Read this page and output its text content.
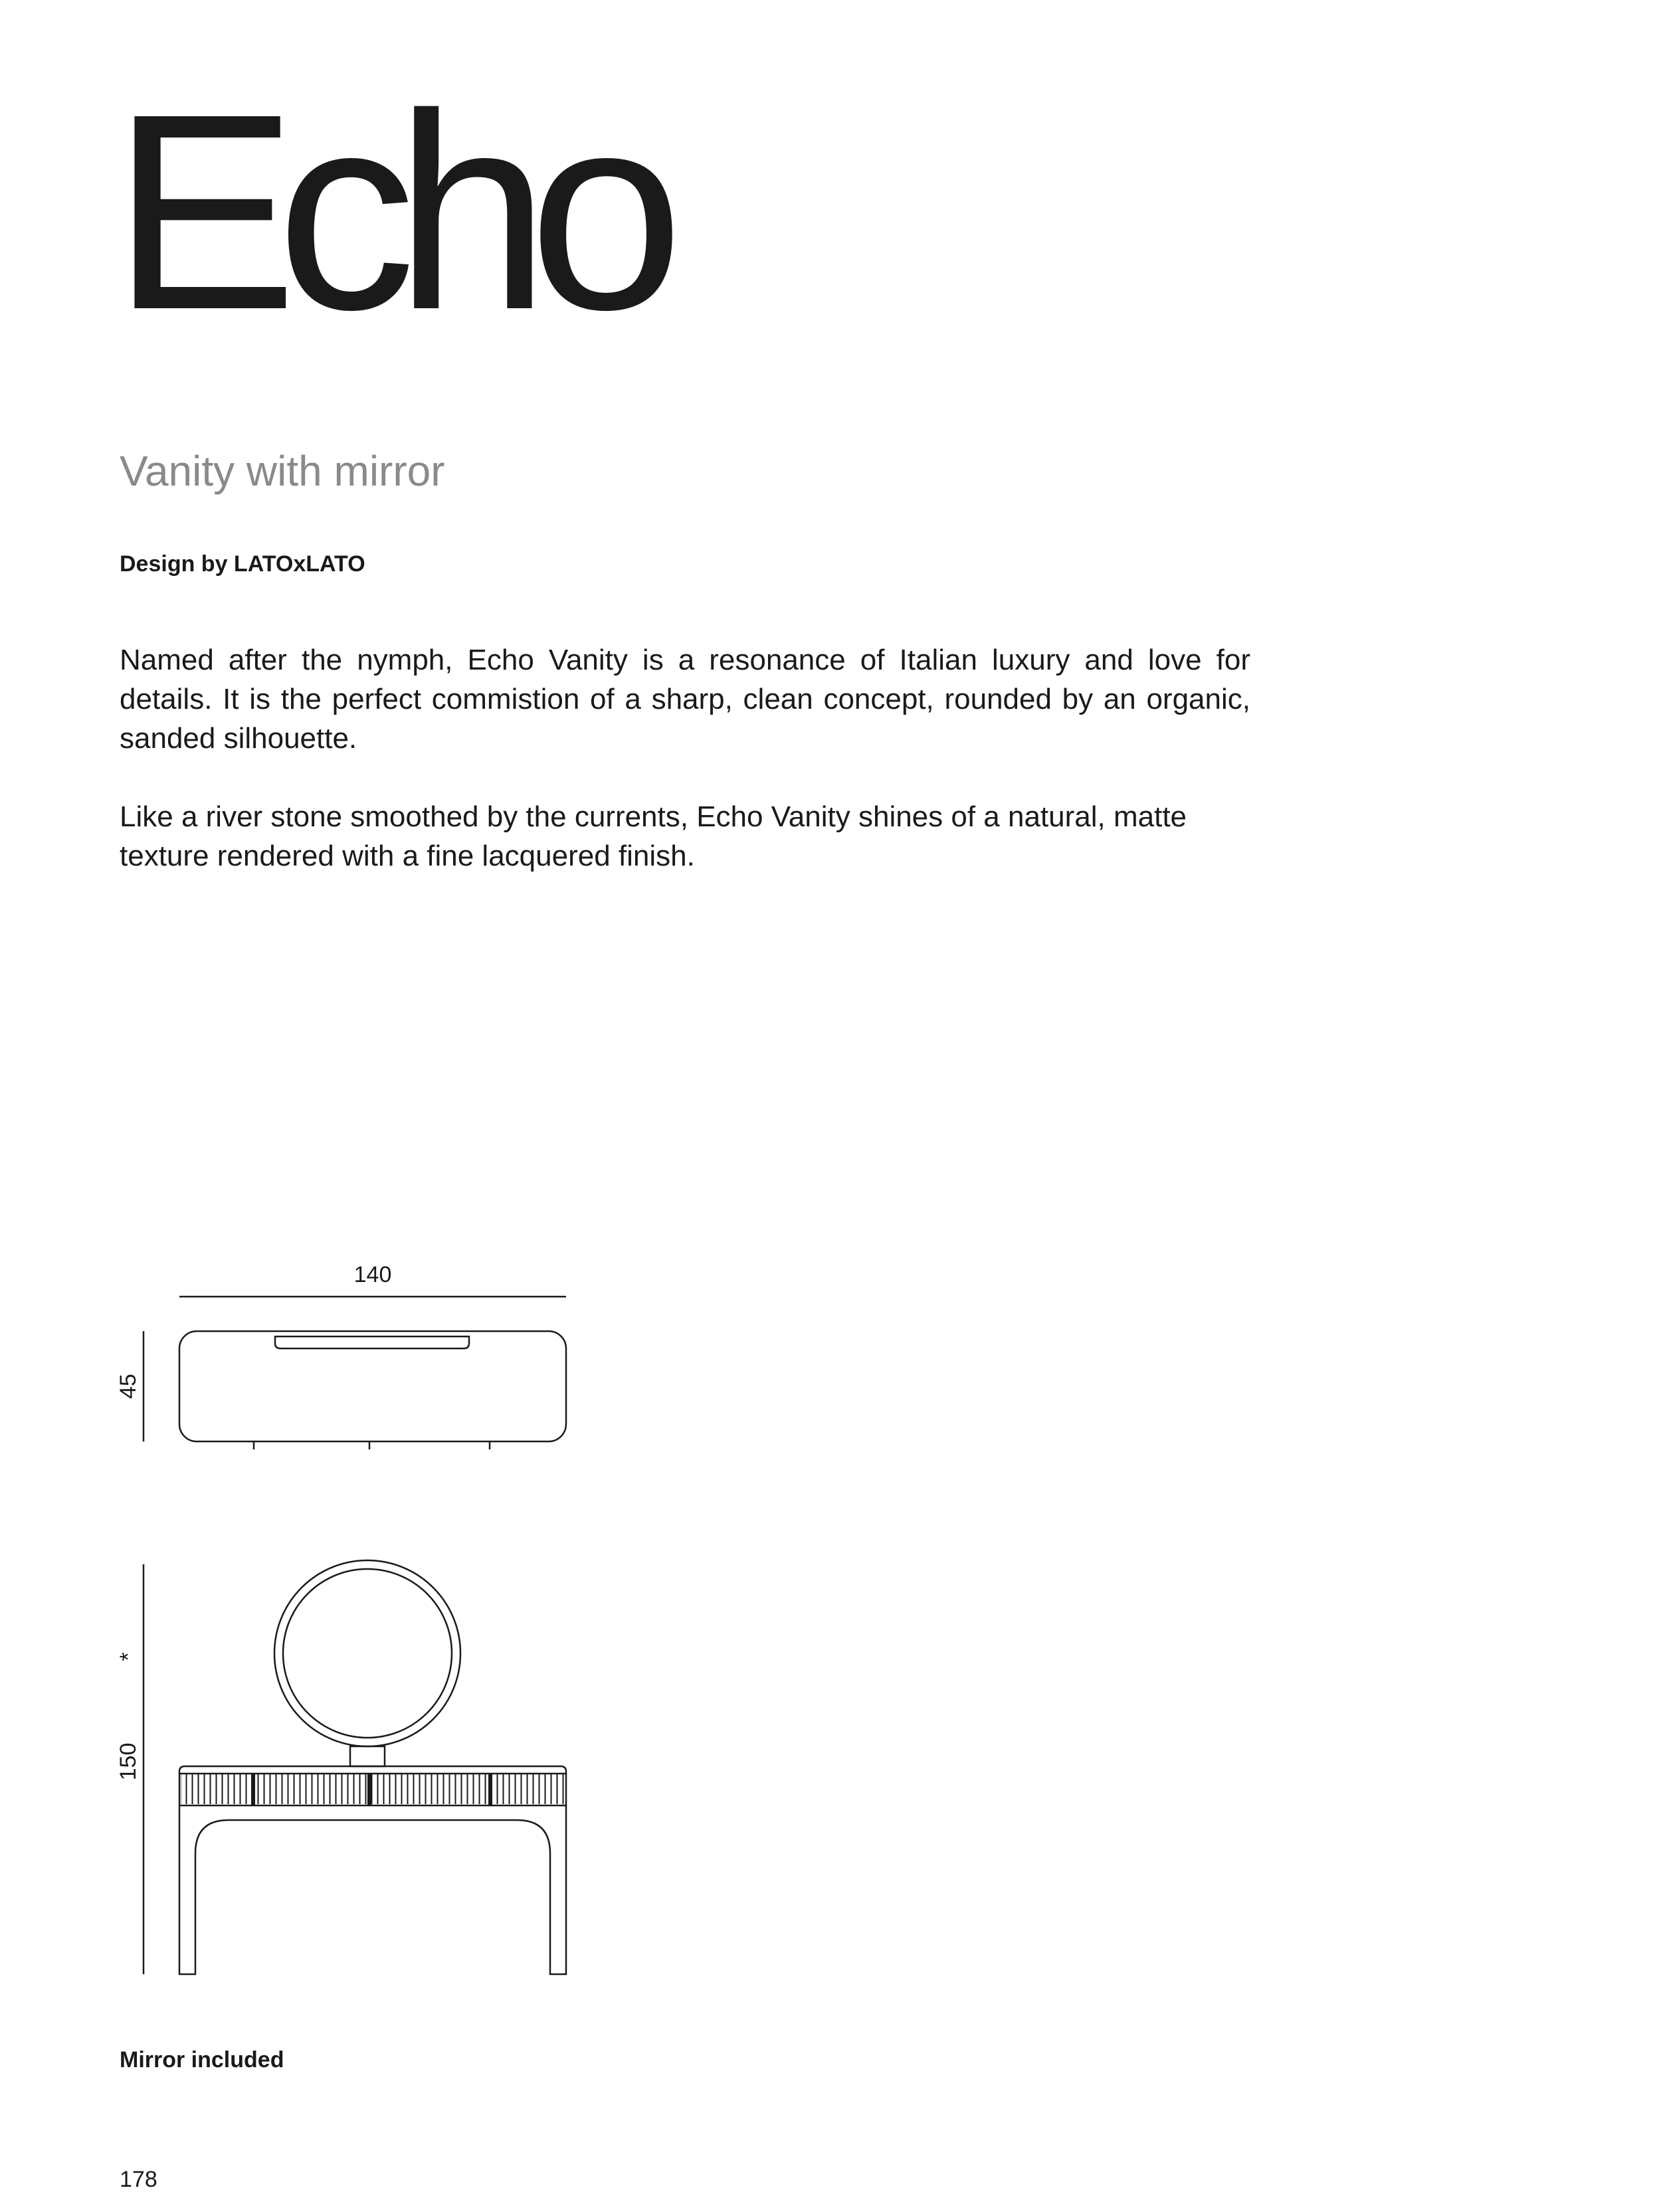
Echo
Vanity with mirror
Design by LATOxLATO

Named after the nymph, Echo Vanity is a resonance of Italian luxury and love for details. It is the perfect commistion of a sharp, clean concept, rounded by an organic, sanded silhouette.

Like a river stone smoothed by the currents, Echo Vanity shines of a natural, matte texture rendered with a fine lacquered finish.

140
45
*
150
Mirror included
178
